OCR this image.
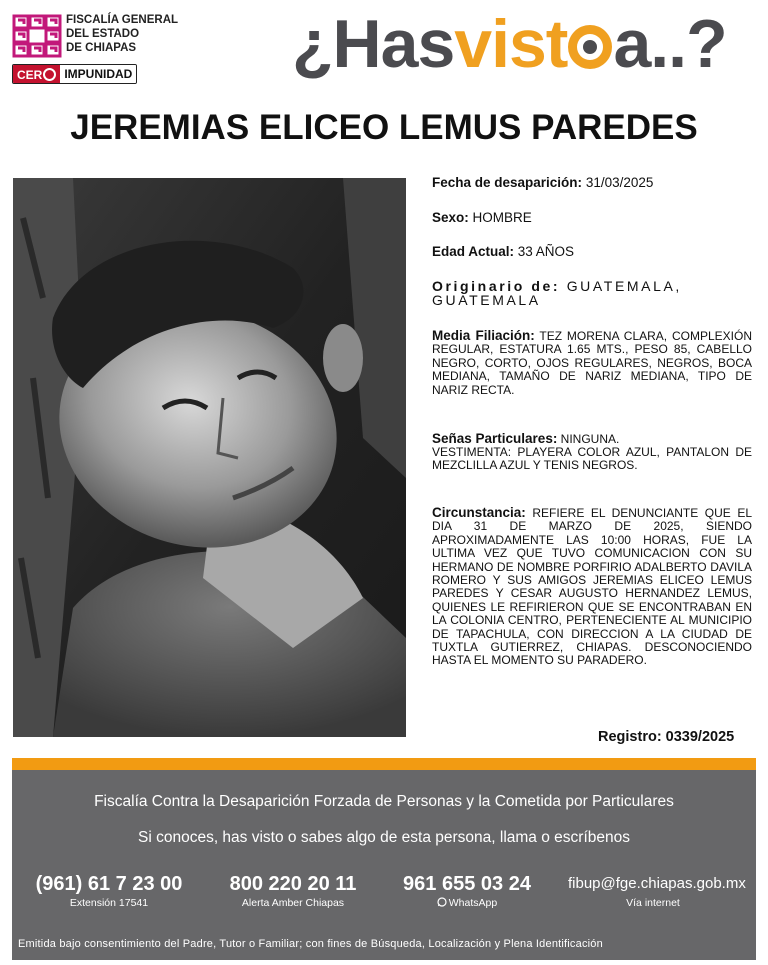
FISCALÍA GENERAL
DEL ESTADO
DE CHIAPAS
CER	IMPUNIDAD ¿Hasvist a..?
JEREMIAS ELICEO LEMUS PAREDES
Fecha de desaparición: 31/03/2025
Sexo: HOMBRE
Edad Actual: 33 AÑOS
Originario de: GUATEMALA, GUATEMALA
Media Filiación: TEZ MORENA CLARA, COMPLEXIÓN REGULAR, ESTATURA 1.65 MTS., PESO 85, CABELLO NEGRO, CORTO, OJOS REGULARES, NEGROS, BOCA MEDIANA, TAMAÑO DE NARIZ MEDIANA, TIPO DE NARIZ RECTA.
Señas Particulares: NINGUNA.
VESTIMENTA: PLAYERA COLOR AZUL, PANTALON DE MEZCLILLA AZUL Y TENIS NEGROS.
Circunstancia: REFIERE EL DENUNCIANTE QUE EL DIA 31 DE MARZO DE 2025, SIENDO APROXIMADAMENTE LAS 10:00 HORAS, FUE LA ULTIMA VEZ QUE TUVO COMUNICACION CON SU HERMANO DE NOMBRE PORFIRIO ADALBERTO DAVILA ROMERO Y SUS AMIGOS JEREMIAS ELICEO LEMUS PAREDES Y CESAR AUGUSTO HERNANDEZ LEMUS, QUIENES LE REFIRIERON QUE SE ENCONTRABAN EN LA COLONIA CENTRO, PERTENECIENTE AL MUNICIPIO DE TAPACHULA, CON DIRECCION A LA CIUDAD DE TUXTLA GUTIERREZ, CHIAPAS. DESCONOCIENDO HASTA EL MOMENTO SU PARADERO.
Registro: 0339/2025
Fiscalía Contra la Desaparición Forzada de Personas y la Cometida por Particulares
Si conoces, has visto o sabes algo de esta persona, llama o escríbenos
(961) 61 7 23 00
Extensión 17541
800 220 20 11
Alerta Amber Chiapas
961 655 03 24
WhatsApp
fibup@fge.chiapas.gob.mx
Vía internet
Emitida bajo consentimiento del Padre, Tutor o Familiar; con fines de Búsqueda, Localización y Plena Identificación
